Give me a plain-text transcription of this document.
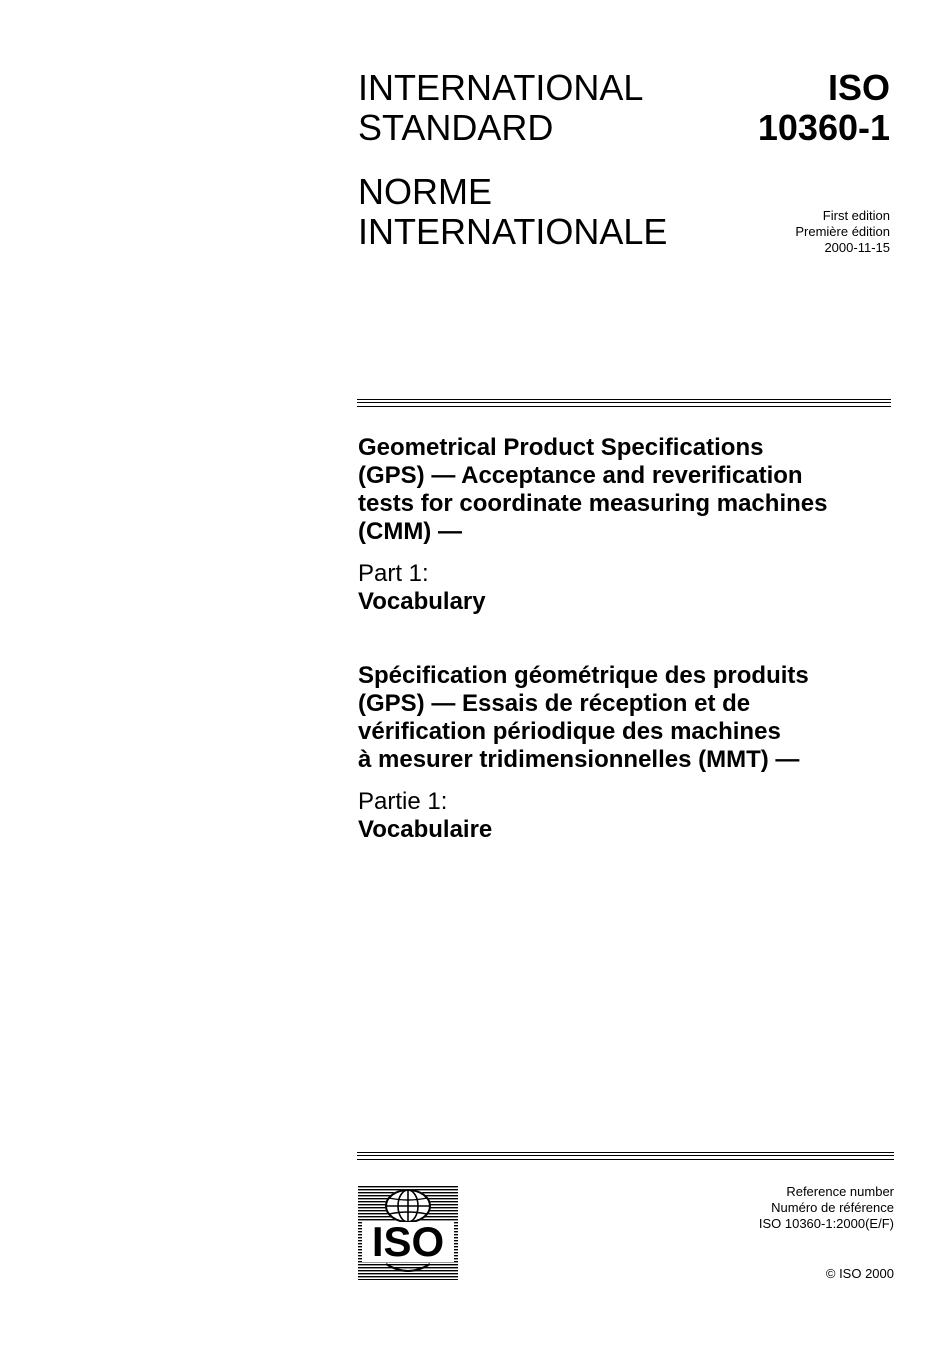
INTERNATIONAL
STANDARD
ISO
10360-1
NORME
INTERNATIONALE	First edition
Première édition
2000-11-15
Geometrical Product Specifications
(GPS) — Acceptance and reverification
tests for coordinate measuring machines
(CMM) —
Part 1:
Vocabulary
Spécification géométrique des produits
(GPS) — Essais de réception et de
vérification périodique des machines
à mesurer tridimensionnelles (MMT) —
Partie 1:
Vocabulaire
ISO
Reference number
Numéro de référence
ISO 10360-1:2000(E/F)
© ISO 2000
